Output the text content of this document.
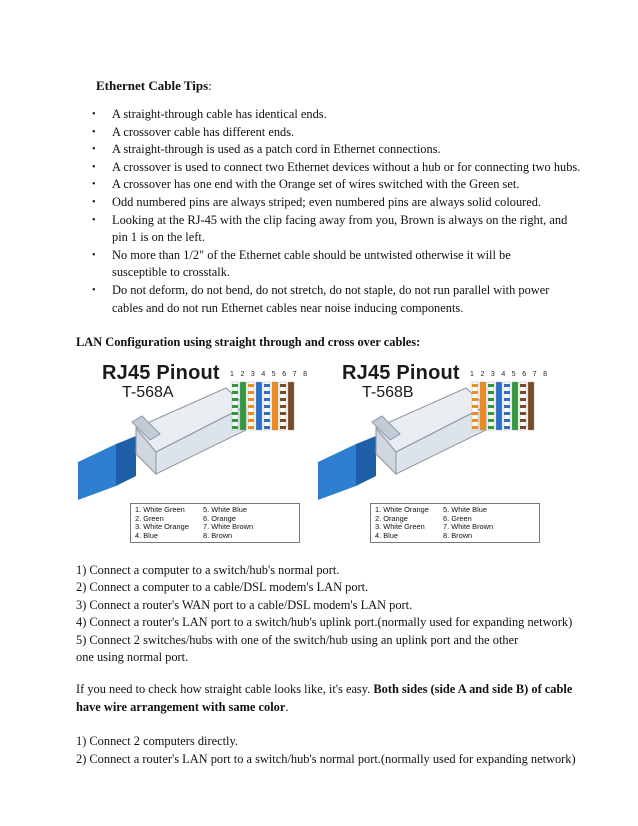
Ethernet Cable Tips:
• A straight-through cable has identical ends.
• A crossover cable has different ends.
• A straight-through is used as a patch cord in Ethernet connections.
• A crossover is used to connect two Ethernet devices without a hub or for connecting two hubs.
• A crossover has one end with the Orange set of wires switched with the Green set.
• Odd numbered pins are always striped; even numbered pins are always solid coloured.
• Looking at the RJ-45 with the clip facing away from you, Brown is always on the right, and pin 1 is on the left.
• No more than 1/2" of the Ethernet cable should be untwisted otherwise it will be susceptible to crosstalk.
• Do not deform, do not bend, do not stretch, do not staple, do not run parallel with power cables and do not run Ethernet cables near noise inducing components.
LAN Configuration using straight through and cross over cables:
RJ45 Pinout
T-568A
1 2 3 4 5 6 7 8
1. White Green
2. Green
3. White Orange
4. Blue
5. White Blue
6. Orange
7. White Brown
8. Brown
RJ45 Pinout
T-568B
1 2 3 4 5 6 7 8
1. White Orange
2. Orange
3. White Green
4. Blue
5. White Blue
6. Green
7. White Brown
8. Brown
1) Connect a computer to a switch/hub's normal port.
2) Connect a computer to a cable/DSL modem's LAN port.
3) Connect a router's WAN port to a cable/DSL modem's LAN port.
4) Connect a router's LAN port to a switch/hub's uplink port.(normally used for expanding network)
5) Connect 2 switches/hubs with one of the switch/hub using an uplink port and the other
one using normal port.
If you need to check how straight cable looks like, it's easy. Both sides (side A and side B) of cable have wire arrangement with same color.
1) Connect 2 computers directly.
2) Connect a router's LAN port to a switch/hub's normal port.(normally used for expanding network)
